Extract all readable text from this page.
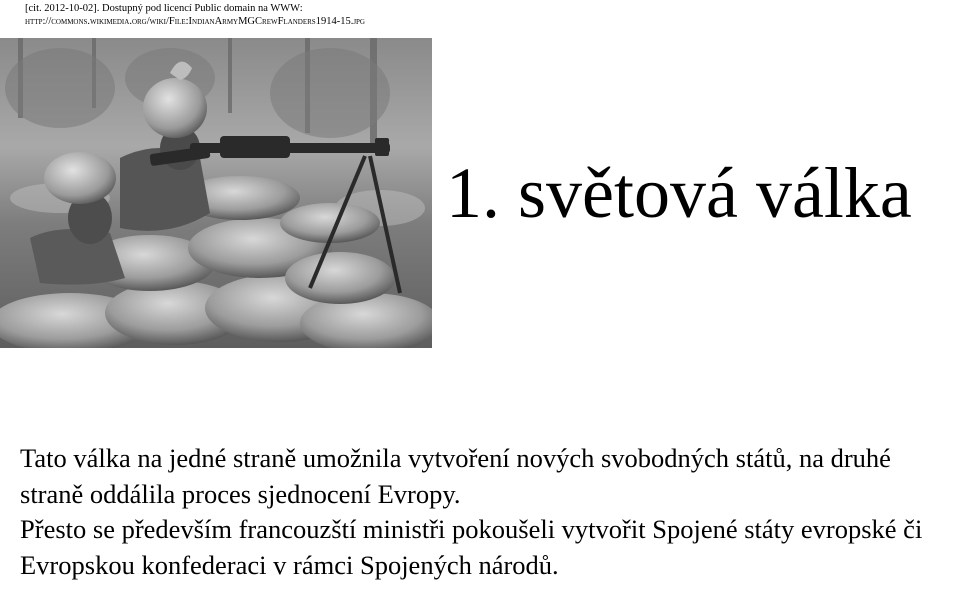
[cit. 2012-10-02]. Dostupný pod licencí Public domain na WWW:
http://commons.wikimedia.org/wiki/File:IndianArmyMGCrewFlanders1914-15.jpg
1. světová válka

Tato válka na jedné straně umožnila vytvoření nových svobodných států, na druhé straně oddálila proces sjednocení Evropy.

Přesto se především francouzští ministři pokoušeli vytvořit Spojené státy evropské či Evropskou konfederaci v rámci Spojených národů.
